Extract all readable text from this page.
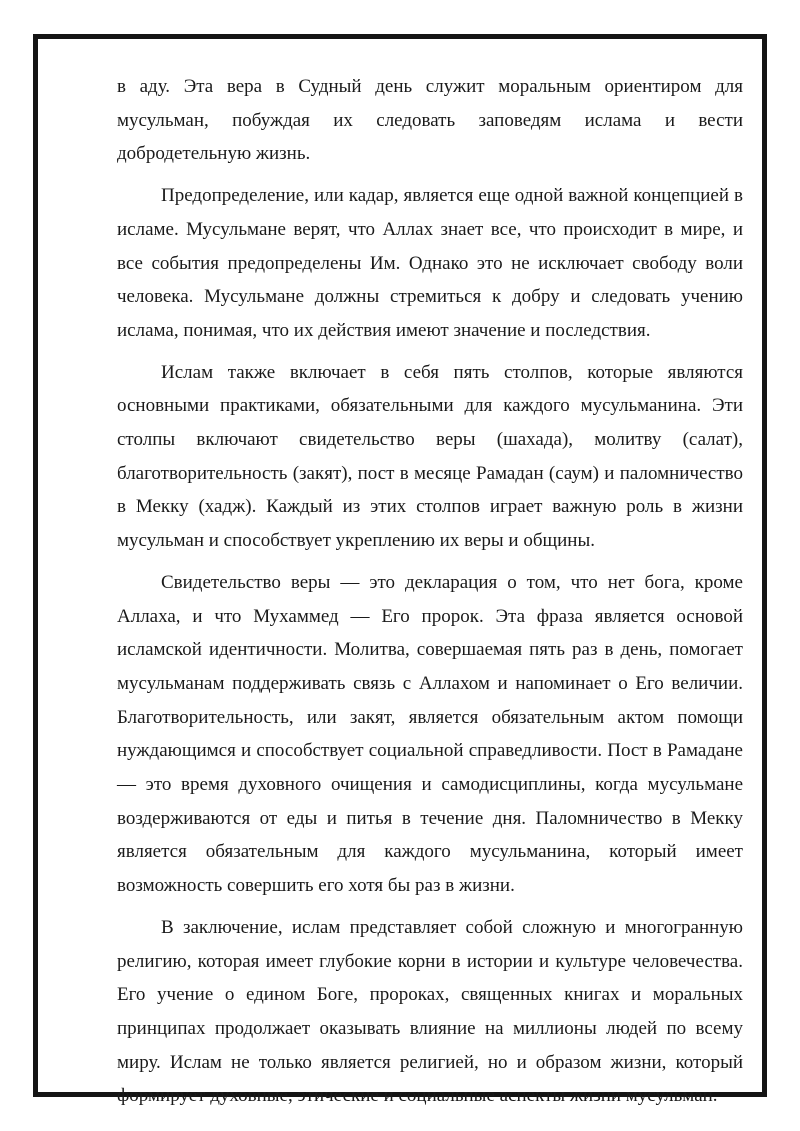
в аду. Эта вера в Судный день служит моральным ориентиром для мусульман, побуждая их следовать заповедям ислама и вести добродетельную жизнь.

Предопределение, или кадар, является еще одной важной концепцией в исламе. Мусульмане верят, что Аллах знает все, что происходит в мире, и все события предопределены Им. Однако это не исключает свободу воли человека. Мусульмане должны стремиться к добру и следовать учению ислама, понимая, что их действия имеют значение и последствия.

Ислам также включает в себя пять столпов, которые являются основными практиками, обязательными для каждого мусульманина. Эти столпы включают свидетельство веры (шахада), молитву (салат), благотворительность (закят), пост в месяце Рамадан (саум) и паломничество в Мекку (хадж). Каждый из этих столпов играет важную роль в жизни мусульман и способствует укреплению их веры и общины.

Свидетельство веры — это декларация о том, что нет бога, кроме Аллаха, и что Мухаммед — Его пророк. Эта фраза является основой исламской идентичности. Молитва, совершаемая пять раз в день, помогает мусульманам поддерживать связь с Аллахом и напоминает о Его величии. Благотворительность, или закят, является обязательным актом помощи нуждающимся и способствует социальной справедливости. Пост в Рамадане — это время духовного очищения и самодисциплины, когда мусульмане воздерживаются от еды и питья в течение дня. Паломничество в Мекку является обязательным для каждого мусульманина, который имеет возможность совершить его хотя бы раз в жизни.

В заключение, ислам представляет собой сложную и многогранную религию, которая имеет глубокие корни в истории и культуре человечества. Его учение о едином Боге, пророках, священных книгах и моральных принципах продолжает оказывать влияние на миллионы людей по всему миру. Ислам не только является религией, но и образом жизни, который формирует духовные, этические и социальные аспекты жизни мусульман.
